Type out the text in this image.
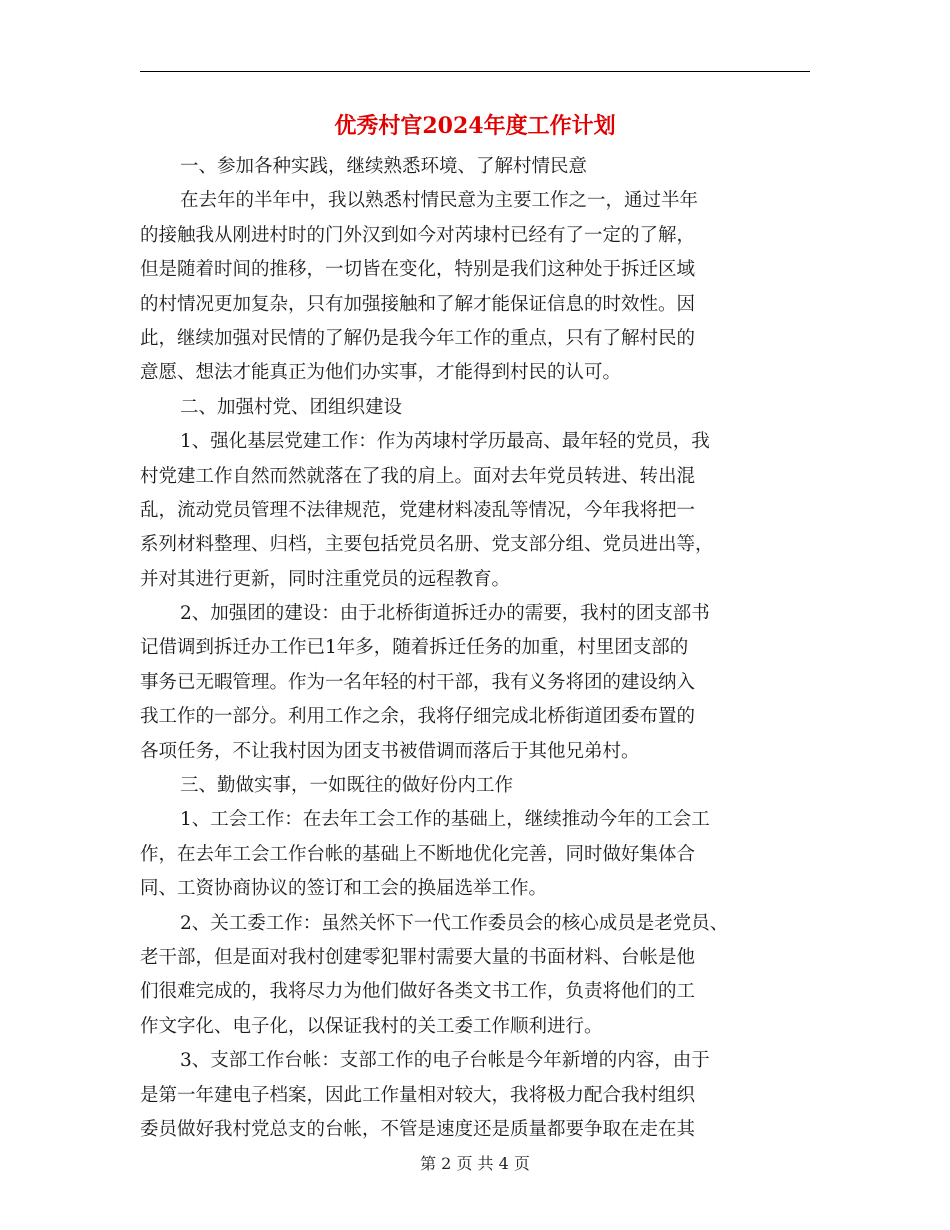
优秀村官2024年度工作计划
一、参加各种实践，继续熟悉环境、了解村情民意
在去年的半年中，我以熟悉村情民意为主要工作之一，通过半年
的接触我从刚进村时的门外汉到如今对芮埭村已经有了一定的了解，
但是随着时间的推移，一切皆在变化，特别是我们这种处于拆迁区域
的村情况更加复杂，只有加强接触和了解才能保证信息的时效性。因
此，继续加强对民情的了解仍是我今年工作的重点，只有了解村民的
意愿、想法才能真正为他们办实事，才能得到村民的认可。
二、加强村党、团组织建设
1、强化基层党建工作：作为芮埭村学历最高、最年轻的党员，我
村党建工作自然而然就落在了我的肩上。面对去年党员转进、转出混
乱，流动党员管理不法律规范，党建材料凌乱等情况，今年我将把一
系列材料整理、归档，主要包括党员名册、党支部分组、党员进出等，
并对其进行更新，同时注重党员的远程教育。
2、加强团的建设：由于北桥街道拆迁办的需要，我村的团支部书
记借调到拆迁办工作已1年多，随着拆迁任务的加重，村里团支部的
事务已无暇管理。作为一名年轻的村干部，我有义务将团的建设纳入
我工作的一部分。利用工作之余，我将仔细完成北桥街道团委布置的
各项任务，不让我村因为团支书被借调而落后于其他兄弟村。
三、勤做实事，一如既往的做好份内工作
1、工会工作：在去年工会工作的基础上，继续推动今年的工会工
作，在去年工会工作台帐的基础上不断地优化完善，同时做好集体合
同、工资协商协议的签订和工会的换届选举工作。
2、关工委工作：虽然关怀下一代工作委员会的核心成员是老党员、
老干部，但是面对我村创建零犯罪村需要大量的书面材料、台帐是他
们很难完成的，我将尽力为他们做好各类文书工作，负责将他们的工
作文字化、电子化，以保证我村的关工委工作顺利进行。
3、支部工作台帐：支部工作的电子台帐是今年新增的内容，由于
是第一年建电子档案，因此工作量相对较大，我将极力配合我村组织
委员做好我村党总支的台帐，不管是速度还是质量都要争取在走在其
第 2 页 共 4 页
